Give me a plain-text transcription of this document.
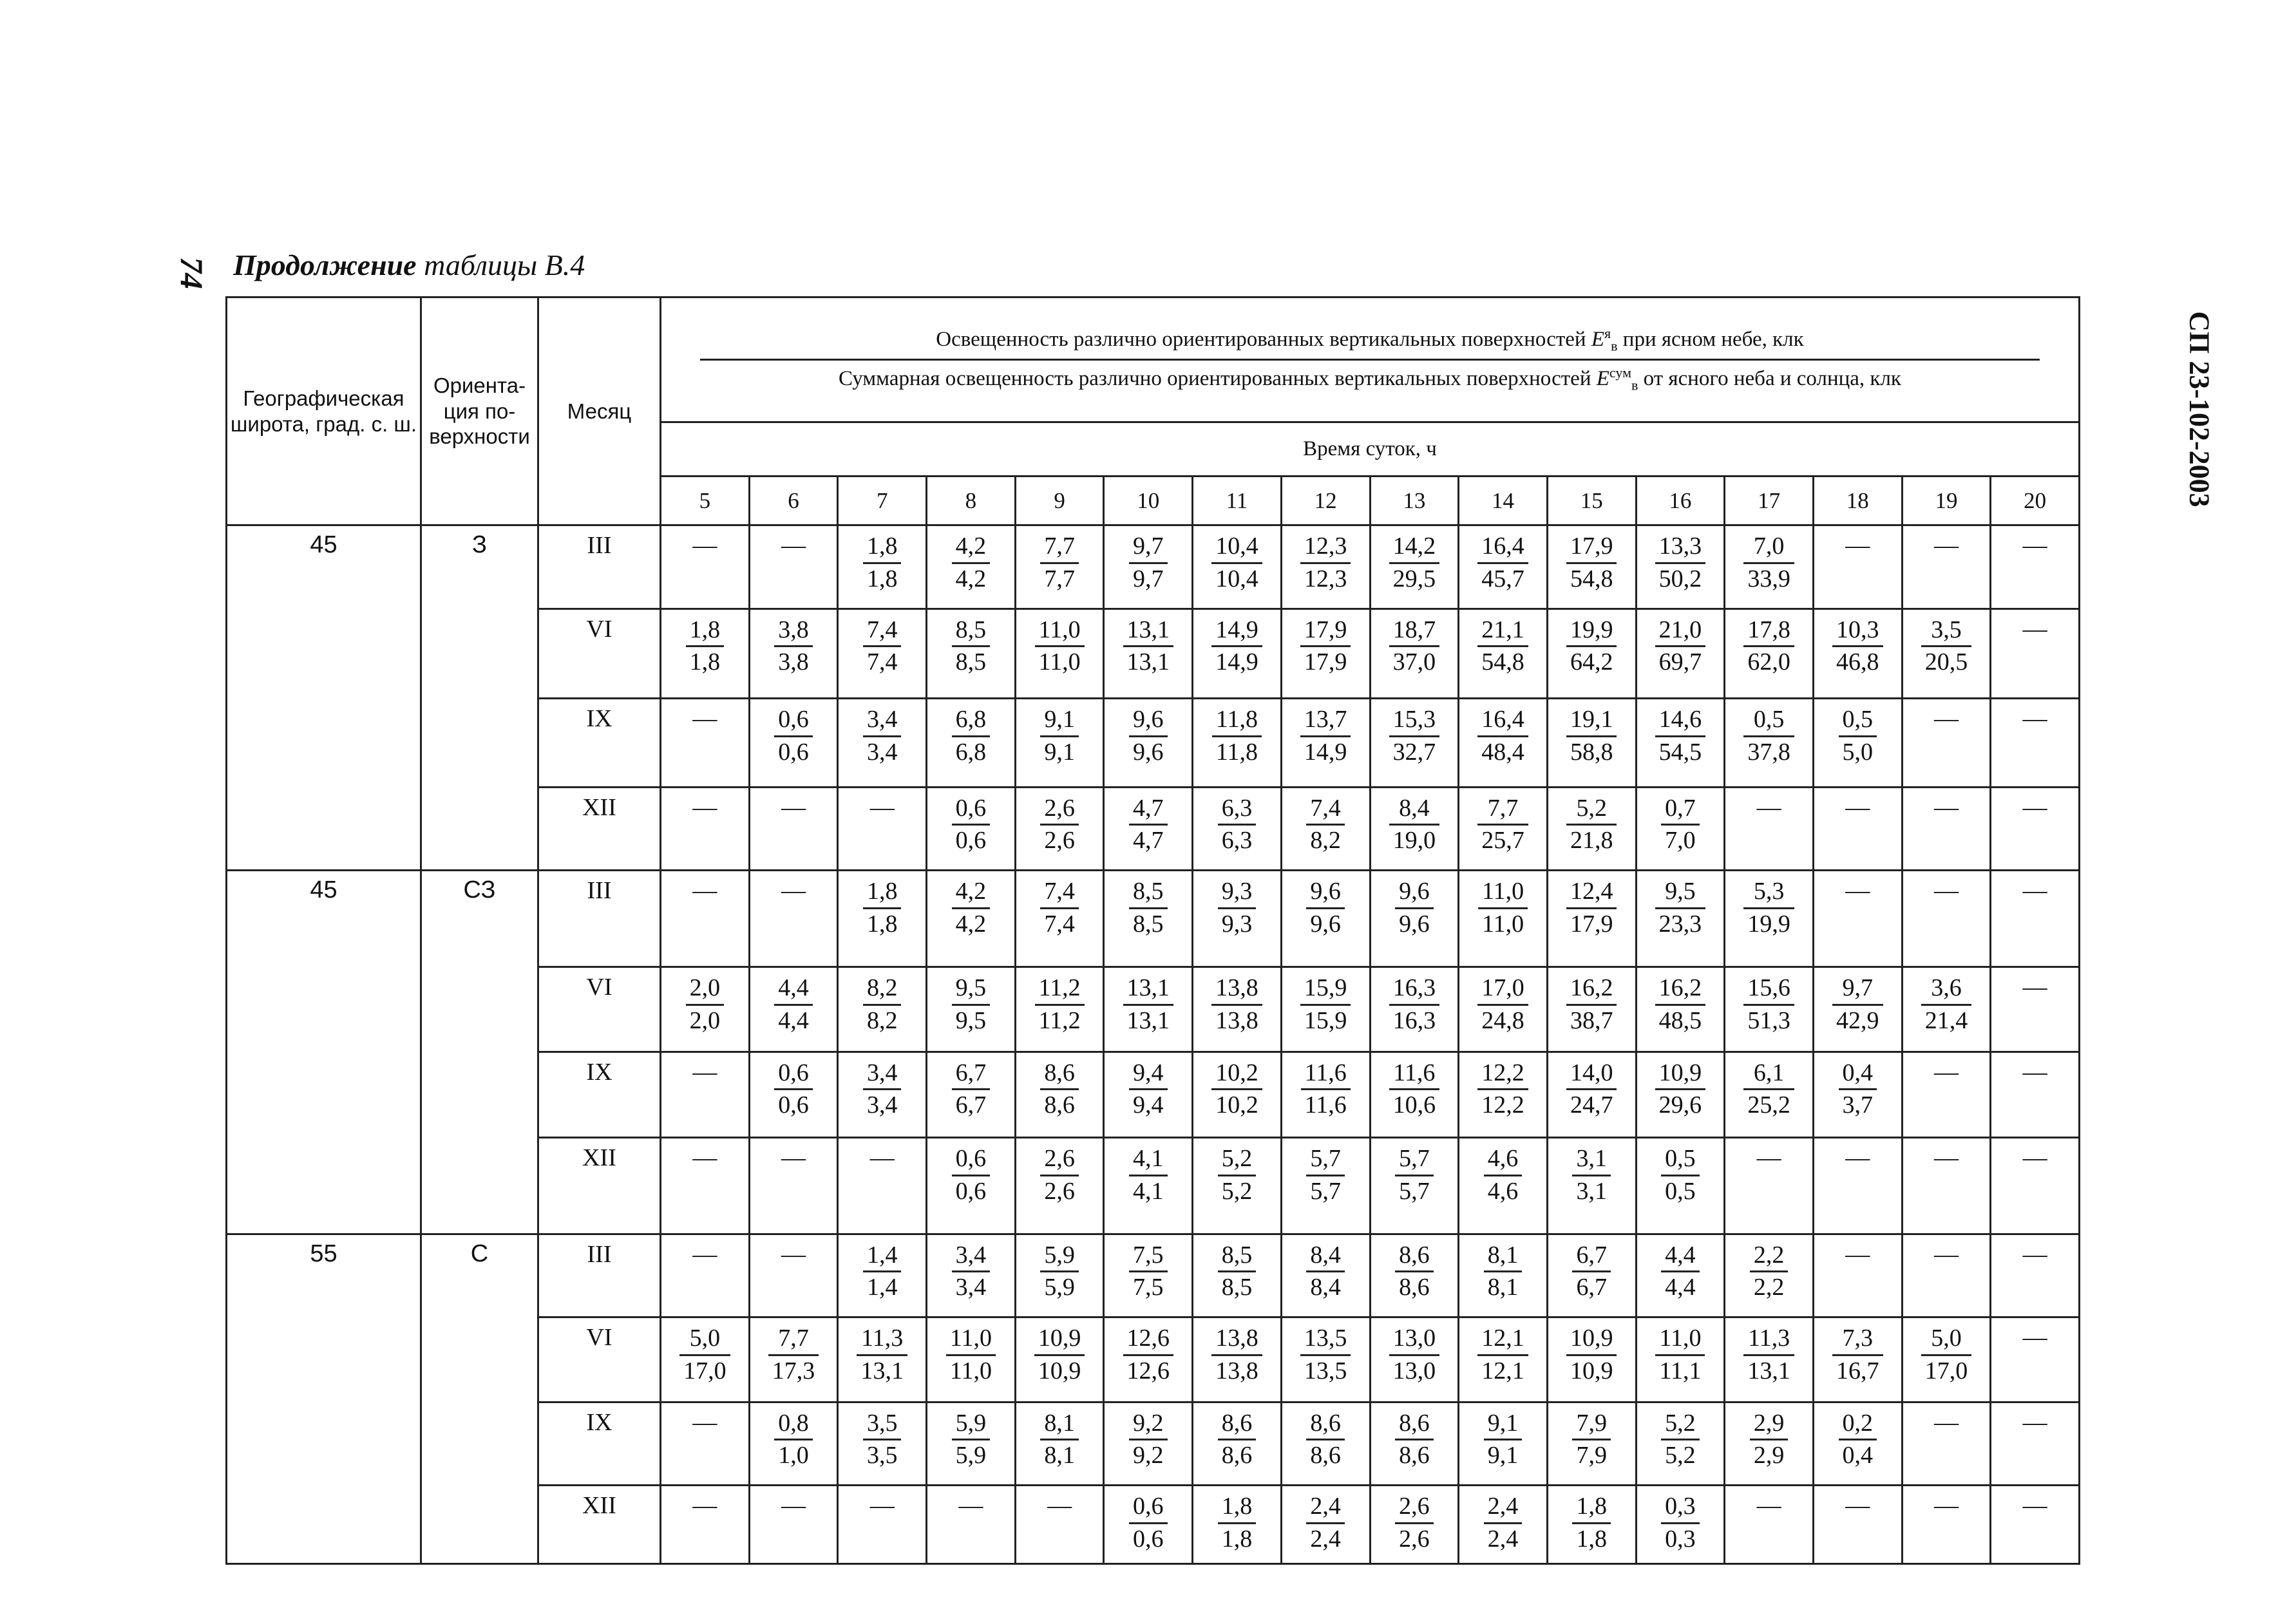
74 Продолжение таблицы В.4
СП 23-102-2003
Географическая широта, град. с. ш.	Ориента-ция по-верхности	Месяц	Освещенность различно ориентированных вертикальных поверхностей $E^я_в$ при ясном небе, клк
Суммарная освещенность различно ориентированных вертикальных поверхностей $E^{сум}_в$ от ясного неба и солнца, клк															

			Время суток, ч															
			5	6	7	8	9	10	11	12	13	14	15	16	17	18	19	20
45	З	III	—	—	$\frac{1,8}{1,8}$	$\frac{4,2}{4,2}$	$\frac{7,7}{7,7}$	$\frac{9,7}{9,7}$	$\frac{10,4}{10,4}$	$\frac{12,3}{12,3}$	$\frac{14,2}{29,5}$	$\frac{16,4}{45,7}$	$\frac{17,9}{54,8}$	$\frac{13,3}{50,2}$	$\frac{7,0}{33,9}$	—	—	—
		VI	$\frac{1,8}{1,8}$	$\frac{3,8}{3,8}$	$\frac{7,4}{7,4}$	$\frac{8,5}{8,5}$	$\frac{11,0}{11,0}$	$\frac{13,1}{13,1}$	$\frac{14,9}{14,9}$	$\frac{17,9}{17,9}$	$\frac{18,7}{37,0}$	$\frac{21,1}{54,8}$	$\frac{19,9}{64,2}$	$\frac{21,0}{69,7}$	$\frac{17,8}{62,0}$	$\frac{10,3}{46,8}$	$\frac{3,5}{20,5}$	—
		IX	—	$\frac{0,6}{0,6}$	$\frac{3,4}{3,4}$	$\frac{6,8}{6,8}$	$\frac{9,1}{9,1}$	$\frac{9,6}{9,6}$	$\frac{11,8}{11,8}$	$\frac{13,7}{14,9}$	$\frac{15,3}{32,7}$	$\frac{16,4}{48,4}$	$\frac{19,1}{58,8}$	$\frac{14,6}{54,5}$	$\frac{0,5}{37,8}$	$\frac{0,5}{5,0}$	—	—
		XII	—	—	—	$\frac{0,6}{0,6}$	$\frac{2,6}{2,6}$	$\frac{4,7}{4,7}$	$\frac{6,3}{6,3}$	$\frac{7,4}{8,2}$	$\frac{8,4}{19,0}$	$\frac{7,7}{25,7}$	$\frac{5,2}{21,8}$	$\frac{0,7}{7,0}$	—	—	—	—
45	СЗ	III	—	—	$\frac{1,8}{1,8}$	$\frac{4,2}{4,2}$	$\frac{7,4}{7,4}$	$\frac{8,5}{8,5}$	$\frac{9,3}{9,3}$	$\frac{9,6}{9,6}$	$\frac{9,6}{9,6}$	$\frac{11,0}{11,0}$	$\frac{12,4}{17,9}$	$\frac{9,5}{23,3}$	$\frac{5,3}{19,9}$	—	—	—
		VI	$\frac{2,0}{2,0}$	$\frac{4,4}{4,4}$	$\frac{8,2}{8,2}$	$\frac{9,5}{9,5}$	$\frac{11,2}{11,2}$	$\frac{13,1}{13,1}$	$\frac{13,8}{13,8}$	$\frac{15,9}{15,9}$	$\frac{16,3}{16,3}$	$\frac{17,0}{24,8}$	$\frac{16,2}{38,7}$	$\frac{16,2}{48,5}$	$\frac{15,6}{51,3}$	$\frac{9,7}{42,9}$	$\frac{3,6}{21,4}$	—
		IX	—	$\frac{0,6}{0,6}$	$\frac{3,4}{3,4}$	$\frac{6,7}{6,7}$	$\frac{8,6}{8,6}$	$\frac{9,4}{9,4}$	$\frac{10,2}{10,2}$	$\frac{11,6}{11,6}$	$\frac{11,6}{10,6}$	$\frac{12,2}{12,2}$	$\frac{14,0}{24,7}$	$\frac{10,9}{29,6}$	$\frac{6,1}{25,2}$	$\frac{0,4}{3,7}$	—	—
		XII	—	—	—	$\frac{0,6}{0,6}$	$\frac{2,6}{2,6}$	$\frac{4,1}{4,1}$	$\frac{5,2}{5,2}$	$\frac{5,7}{5,7}$	$\frac{5,7}{5,7}$	$\frac{4,6}{4,6}$	$\frac{3,1}{3,1}$	$\frac{0,5}{0,5}$	—	—	—	—
55	С	III	—	—	$\frac{1,4}{1,4}$	$\frac{3,4}{3,4}$	$\frac{5,9}{5,9}$	$\frac{7,5}{7,5}$	$\frac{8,5}{8,5}$	$\frac{8,4}{8,4}$	$\frac{8,6}{8,6}$	$\frac{8,1}{8,1}$	$\frac{6,7}{6,7}$	$\frac{4,4}{4,4}$	$\frac{2,2}{2,2}$	—	—	—
		VI	$\frac{5,0}{17,0}$	$\frac{7,7}{17,3}$	$\frac{11,3}{13,1}$	$\frac{11,0}{11,0}$	$\frac{10,9}{10,9}$	$\frac{12,6}{12,6}$	$\frac{13,8}{13,8}$	$\frac{13,5}{13,5}$	$\frac{13,0}{13,0}$	$\frac{12,1}{12,1}$	$\frac{10,9}{10,9}$	$\frac{11,0}{11,1}$	$\frac{11,3}{13,1}$	$\frac{7,3}{16,7}$	$\frac{5,0}{17,0}$	—
		IX	—	$\frac{0,8}{1,0}$	$\frac{3,5}{3,5}$	$\frac{5,9}{5,9}$	$\frac{8,1}{8,1}$	$\frac{9,2}{9,2}$	$\frac{8,6}{8,6}$	$\frac{8,6}{8,6}$	$\frac{8,6}{8,6}$	$\frac{9,1}{9,1}$	$\frac{7,9}{7,9}$	$\frac{5,2}{5,2}$	$\frac{2,9}{2,9}$	$\frac{0,2}{0,4}$	—	—
		XII	—	—	—	—	—	$\frac{0,6}{0,6}$	$\frac{1,8}{1,8}$	$\frac{2,4}{2,4}$	$\frac{2,6}{2,6}$	$\frac{2,4}{2,4}$	$\frac{1,8}{1,8}$	$\frac{0,3}{0,3}$	—	—	—	—
